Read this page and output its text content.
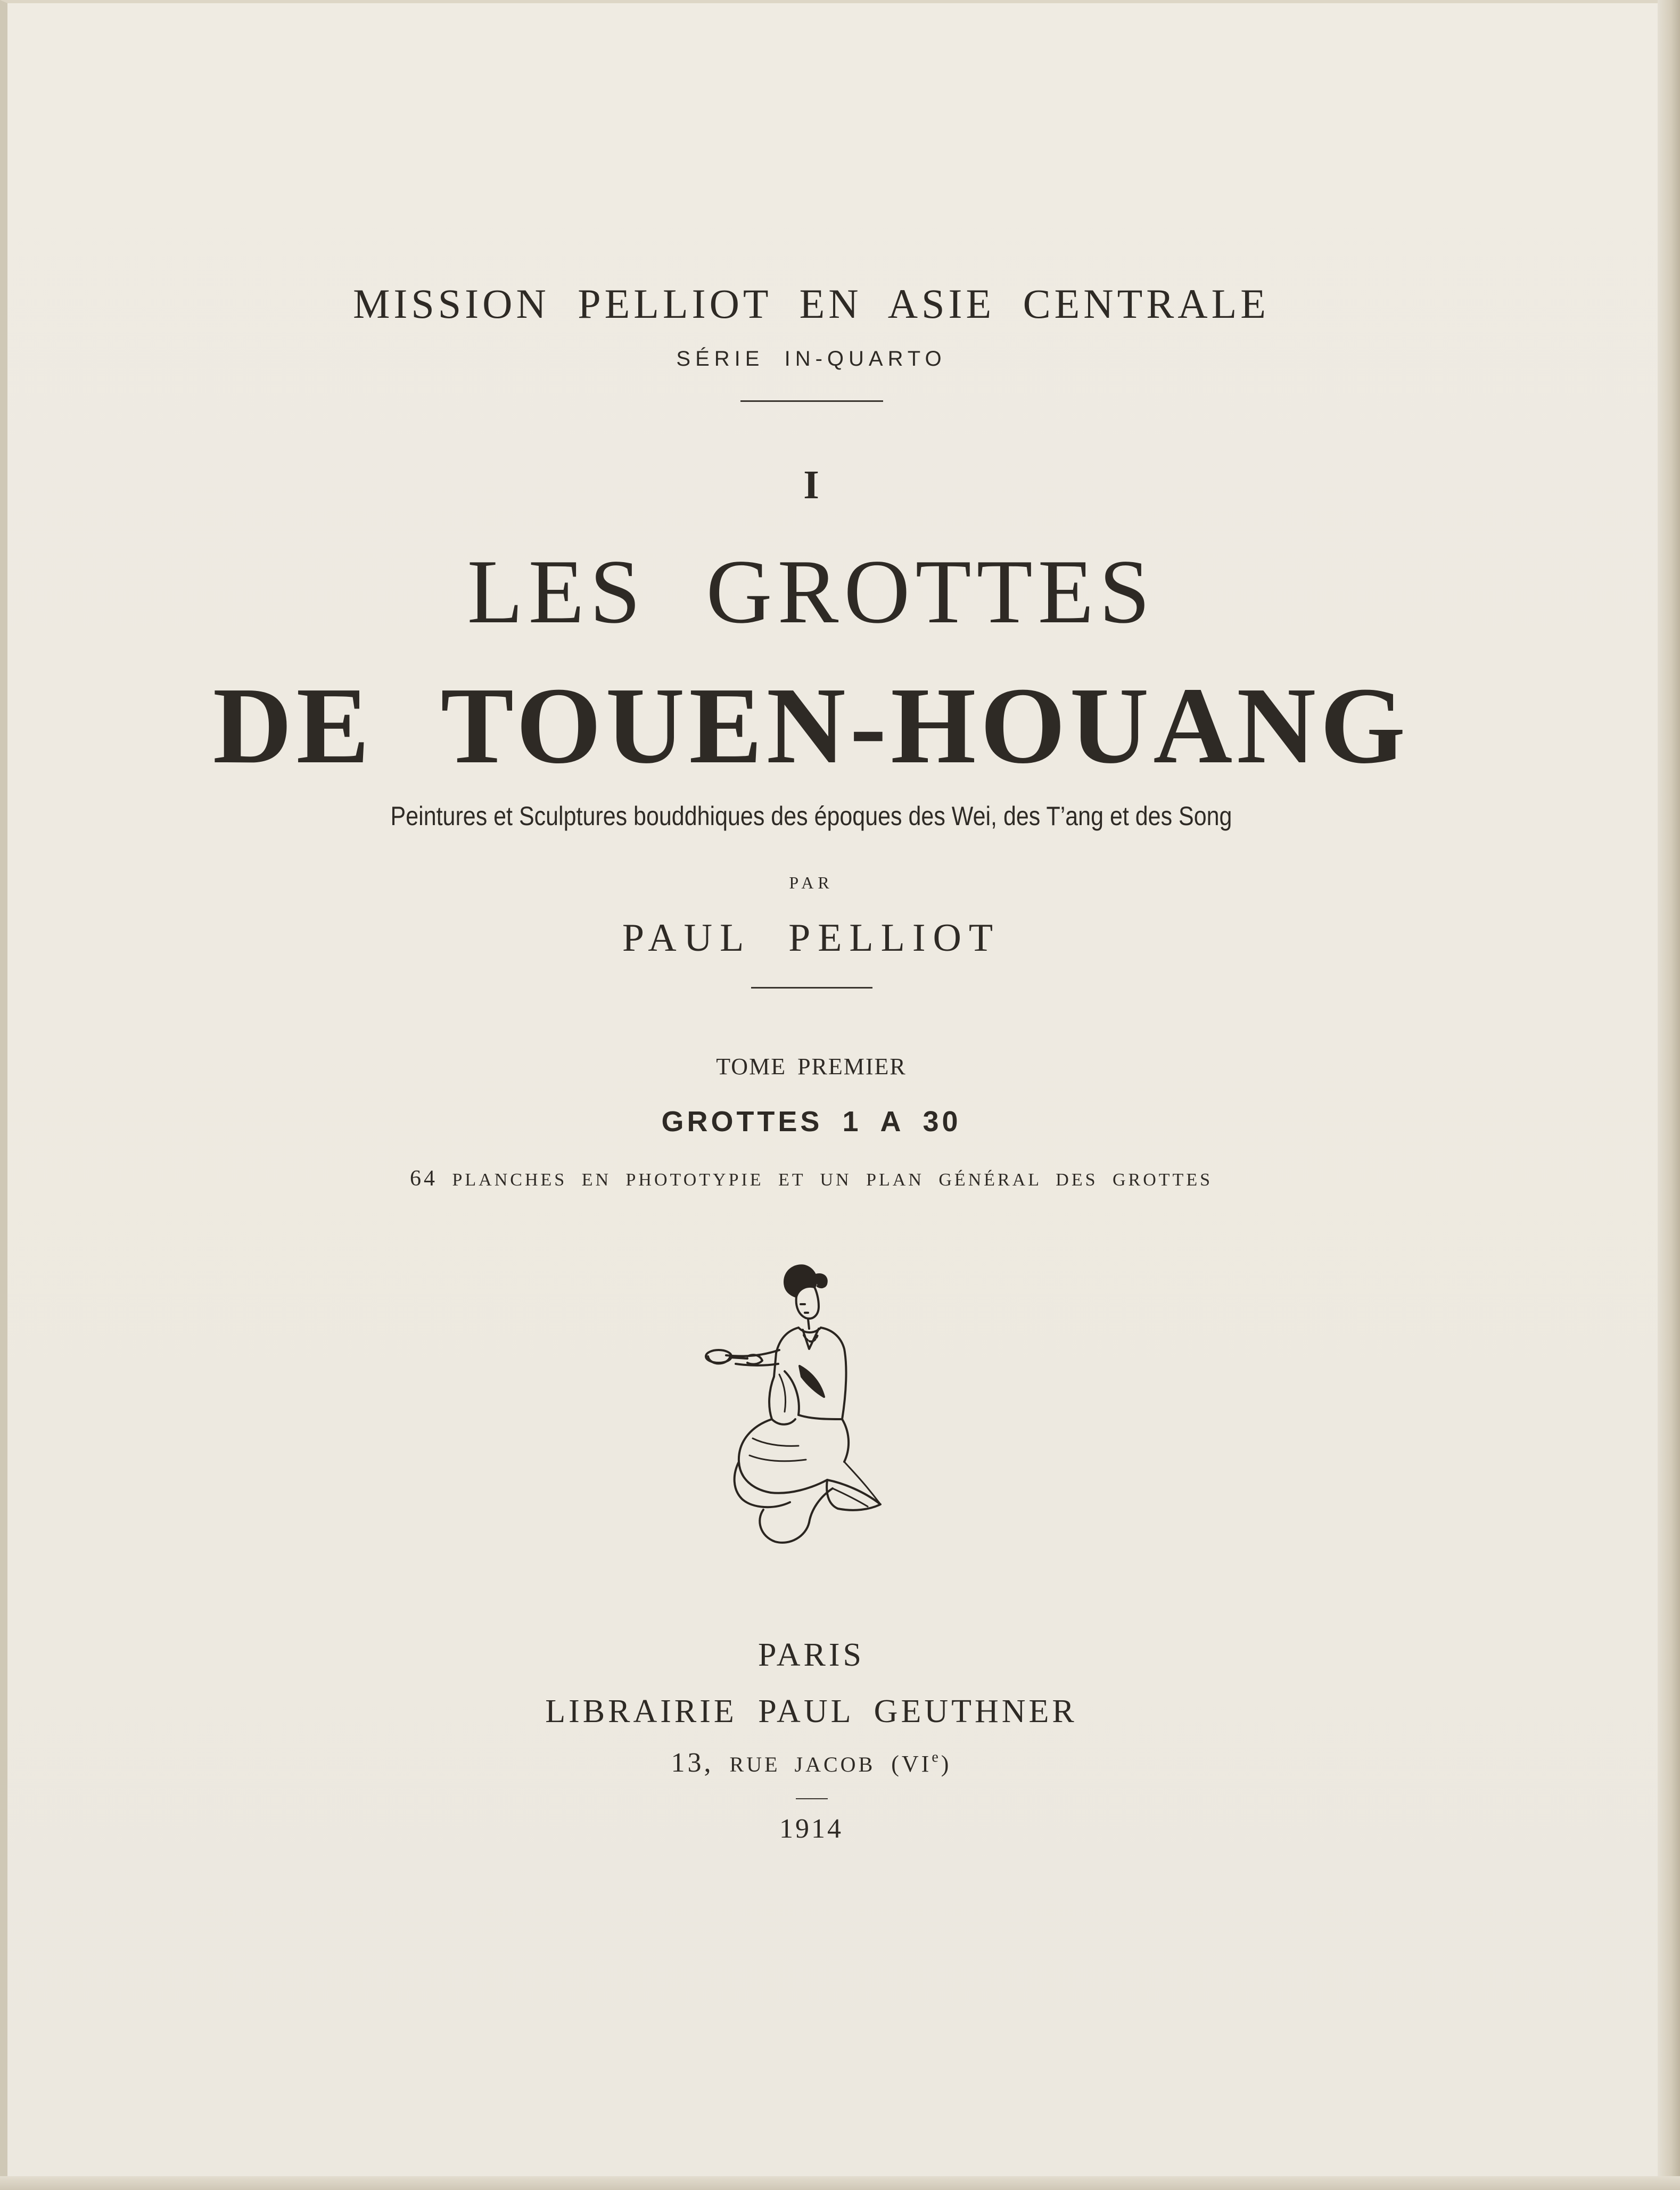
MISSION PELLIOT EN ASIE CENTRALE
SÉRIE IN-QUARTO
I
LES GROTTES
DE TOUEN-HOUANG
Peintures et Sculptures bouddhiques des époques des Wei, des T’ang et des Song
PAR
PAUL PELLIOT
TOME PREMIER
GROTTES 1 A 30
64 PLANCHES EN PHOTOTYPIE ET UN PLAN GÉNÉRAL DES GROTTES
PARIS
LIBRAIRIE PAUL GEUTHNER
13, RUE JACOB (VIe)
1914
